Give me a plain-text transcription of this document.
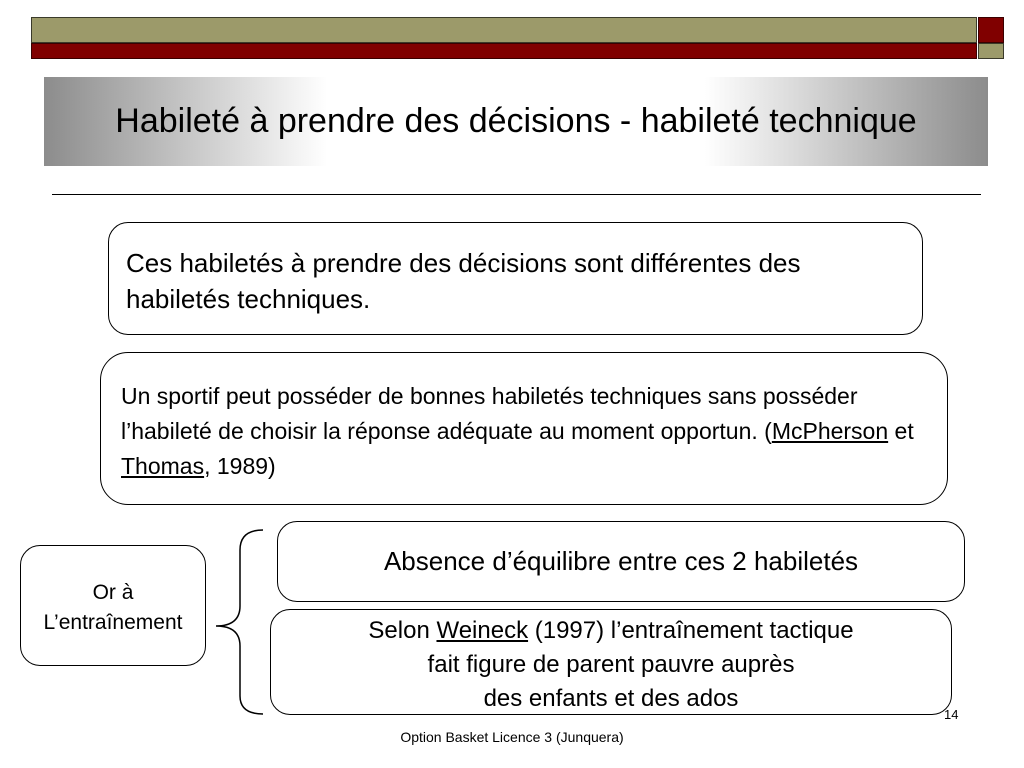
Habileté à prendre des décisions - habileté technique
Ces habiletés à prendre des décisions sont différentes des habiletés techniques.
Un sportif peut posséder de bonnes habiletés techniques sans posséder l’habileté de choisir la réponse adéquate au moment opportun. (McPherson et Thomas, 1989)
Or à
L’entraînement
Absence d’équilibre entre ces 2 habiletés
Selon Weineck (1997) l’entraînement tactique
fait figure de parent pauvre auprès
des enfants et des ados
14
Option Basket Licence 3 (Junquera)
